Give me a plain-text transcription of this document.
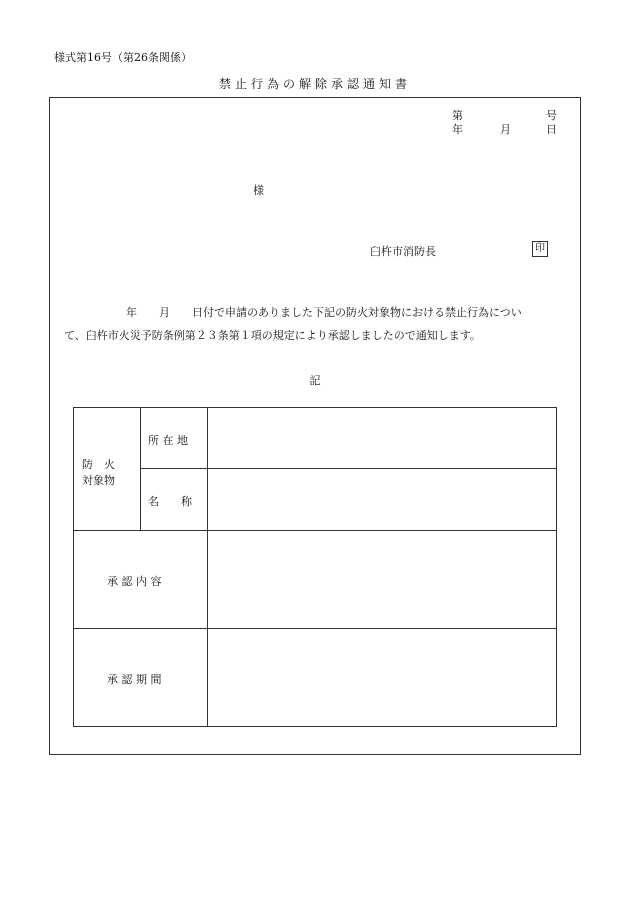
様式第16号（第26条関係）
禁止行為の解除承認通知書
第	号
年	月	日
様
臼杵市消防長	印
年 月 日付で申請のありました下記の防火対象物における禁止行為につい
て、臼杵市火災予防条例第２３条第１項の規定により承認しましたので通知します。
記
防　火
対象物
所 在 地
名　　称
承 認 内 容
承 認 期 間
